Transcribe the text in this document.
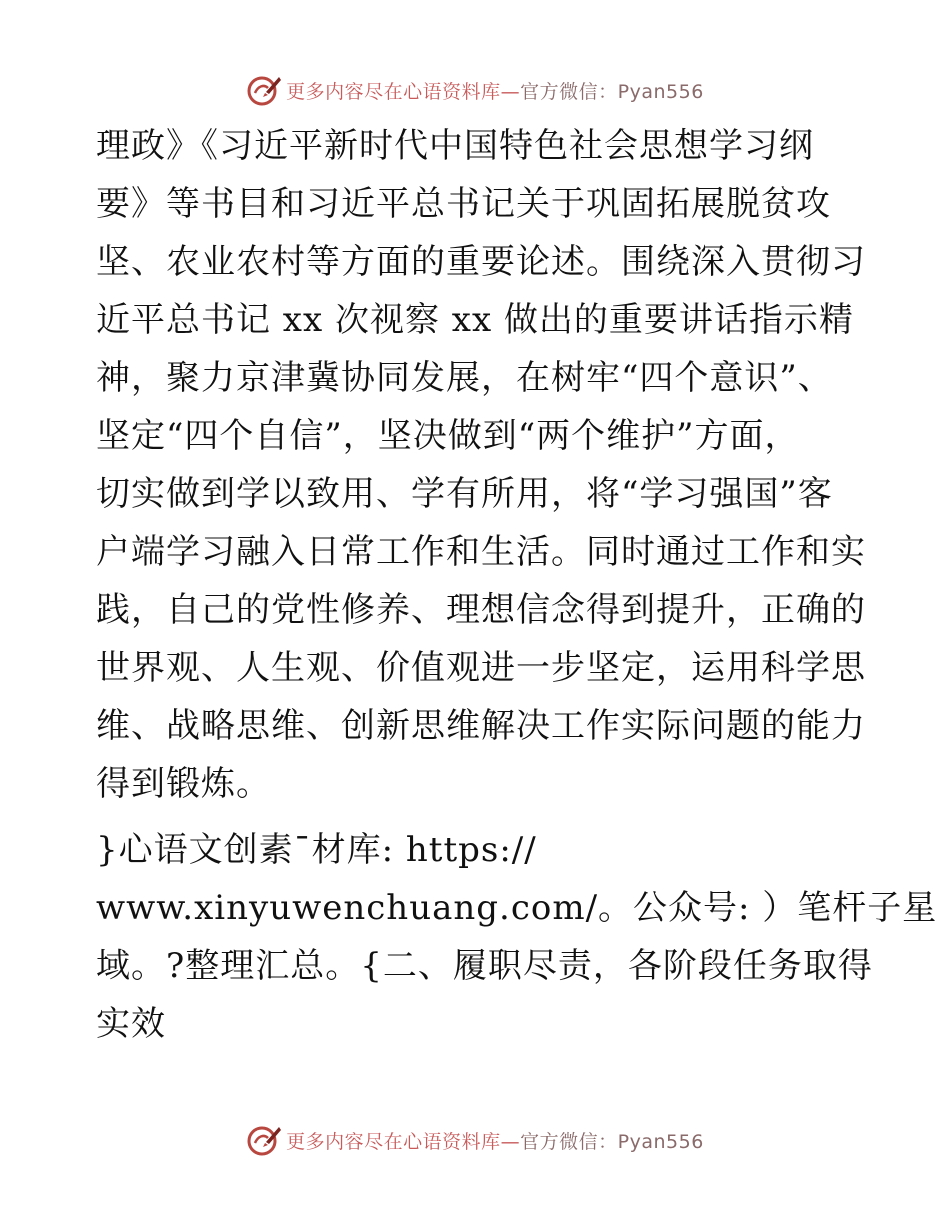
更多内容尽在心语资料库—官方微信：Pyan556

理政》《习近平新时代中国特色社会思想学习纲
要》等书目和习近平总书记关于巩固拓展脱贫攻
坚、农业农村等方面的重要论述。围绕深入贯彻习
近平总书记 xx 次视察 xx 做出的重要讲话指示精
神，聚力京津冀协同发展，在树牢“四个意识”、
坚定“四个自信”，坚决做到“两个维护”方面，
切实做到学以致用、学有所用，将“学习强国”客
户端学习融入日常工作和生活。同时通过工作和实
践，自己的党性修养、理想信念得到提升，正确的
世界观、人生观、价值观进一步坚定，运用科学思
维、战略思维、创新思维解决工作实际问题的能力
得到锻炼。

}心语文创素¯材库: https://
www.xinyuwenchuang.com/。公众号: ）笔杆子星
域。?整理汇总。{二、履职尽责，各阶段任务取得
实效

更多内容尽在心语资料库—官方微信：Pyan556
